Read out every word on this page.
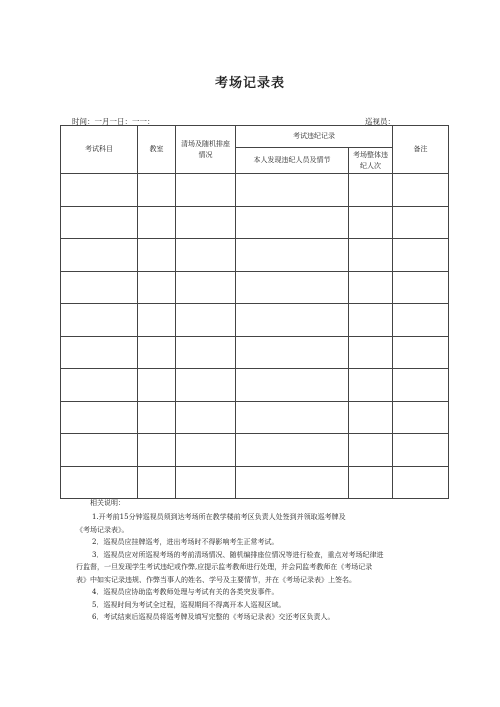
考场记录表
时间：一月一日：一一：	巡视员：
考试科目	教室	清场及随机排座情况	考试违纪记录		备注
			本人发现违纪人员及情节	考场整体违纪人次	

相关说明：
1.开考前15分钟巡视员须到达考场所在教学楼前考区负责人处签到并领取巡考牌及
《考场记录表》。
2．巡视员应挂牌巡考，进出考场时不得影响考生正常考试。
3．巡视员应对所巡视考场的考前清场情况、随机编排座位情况等进行检查，重点对考场纪律进
行监督，一旦发现学生考试违纪或作弊,应提示监考教师进行处理，并会同监考教师在《考场记录
表》中如实记录违规、作弊当事人的姓名、学号及主要情节，并在《考场记录表》上签名。
4．巡视员应协助监考教师处理与考试有关的各类突发事件。
5．巡视时间为考试全过程，巡视期间不得离开本人巡视区域。
6．考试结束后巡视员将巡考牌及填写完整的《考场记录表》交还考区负责人。
